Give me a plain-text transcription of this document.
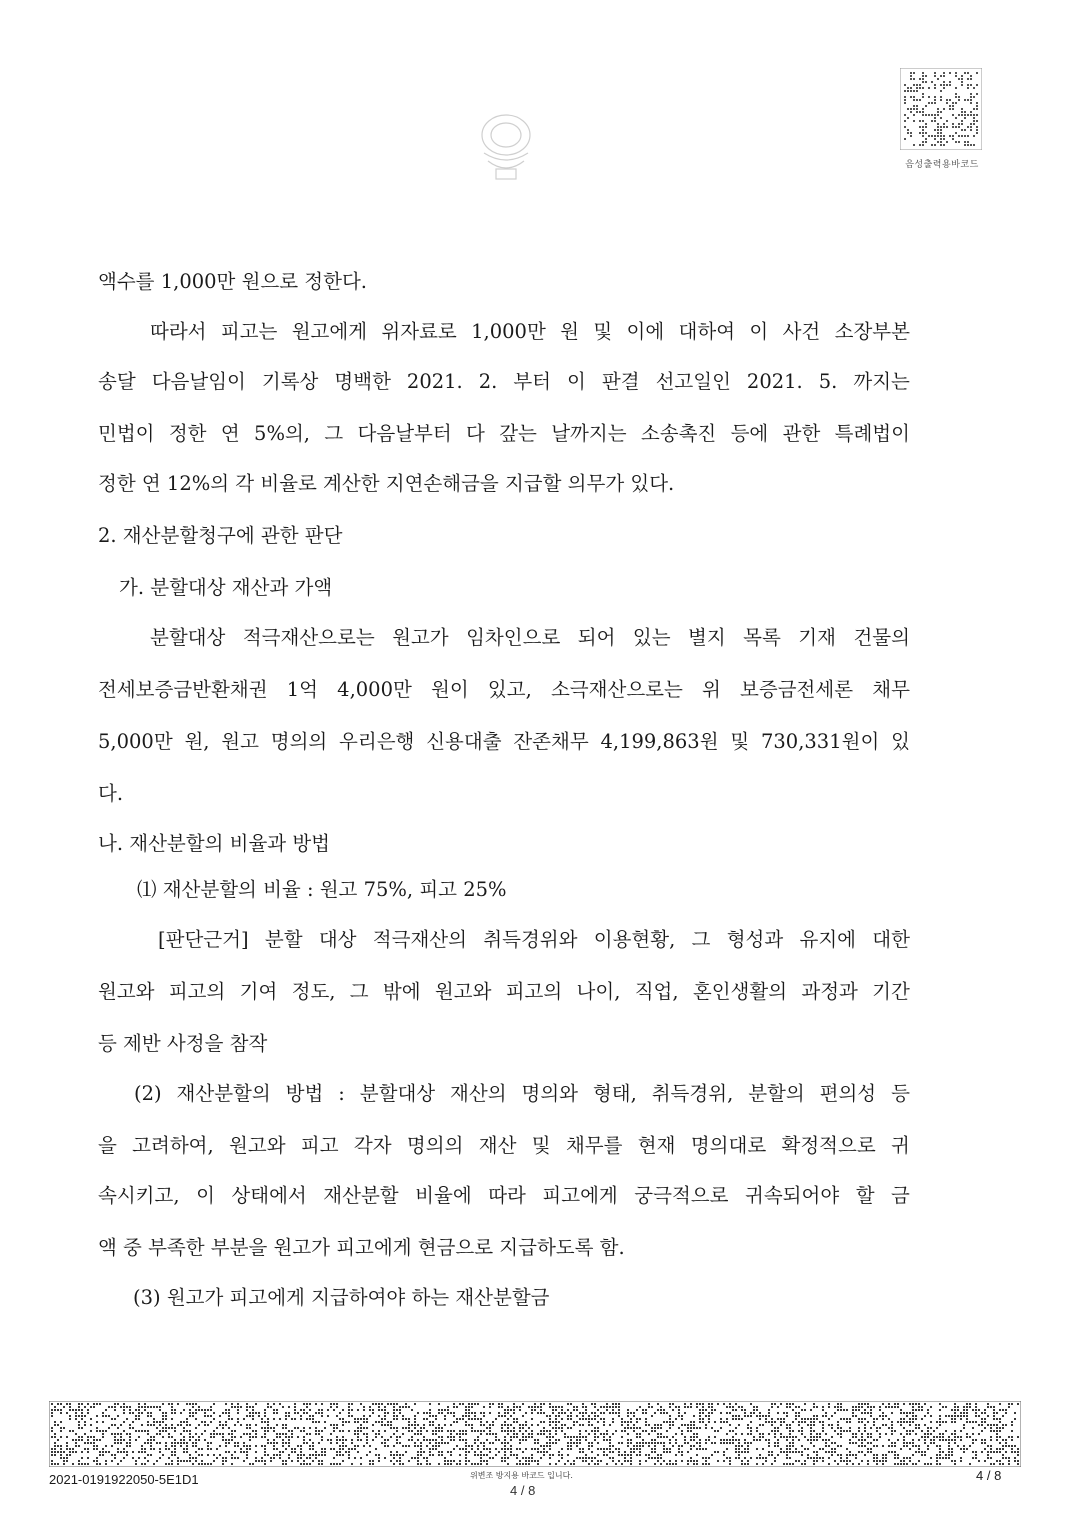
음성출력용바코드
액수를 1,000만 원으로 정한다.
따라서 피고는 원고에게 위자료로 1,000만 원 및 이에 대하여 이 사건 소장부본
송달 다음날임이 기록상 명백한 2021. 2. 부터 이 판결 선고일인 2021. 5. 까지는
민법이 정한 연 5%의, 그 다음날부터 다 갚는 날까지는 소송촉진 등에 관한 특례법이
정한 연 12%의 각 비율로 계산한 지연손해금을 지급할 의무가 있다.
2. 재산분할청구에 관한 판단
가. 분할대상 재산과 가액
분할대상 적극재산으로는 원고가 임차인으로 되어 있는 별지 목록 기재 건물의
전세보증금반환채권 1억 4,000만 원이 있고, 소극재산으로는 위 보증금전세론 채무
5,000만 원, 원고 명의의 우리은행 신용대출 잔존채무 4,199,863원 및 730,331원이 있
다.
나. 재산분할의 비율과 방법
⑴ 재산분할의 비율 : 원고 75%, 피고 25%
[판단근거] 분할 대상 적극재산의 취득경위와 이용현황, 그 형성과 유지에 대한
원고와 피고의 기여 정도, 그 밖에 원고와 피고의 나이, 직업, 혼인생활의 과정과 기간
등 제반 사정을 참작
(2) 재산분할의 방법 : 분할대상 재산의 명의와 형태, 취득경위, 분할의 편의성 등
을 고려하여, 원고와 피고 각자 명의의 재산 및 채무를 현재 명의대로 확정적으로 귀
속시키고, 이 상태에서 재산분할 비율에 따라 피고에게 궁극적으로 귀속되어야 할 금
액 중 부족한 부분을 원고가 피고에게 현금으로 지급하도록 함.
(3) 원고가 피고에게 지급하여야 하는 재산분할금
2021-0191922050-5E1D1	위변조 방지용 바코드 입니다.
4 / 8
4 / 8
